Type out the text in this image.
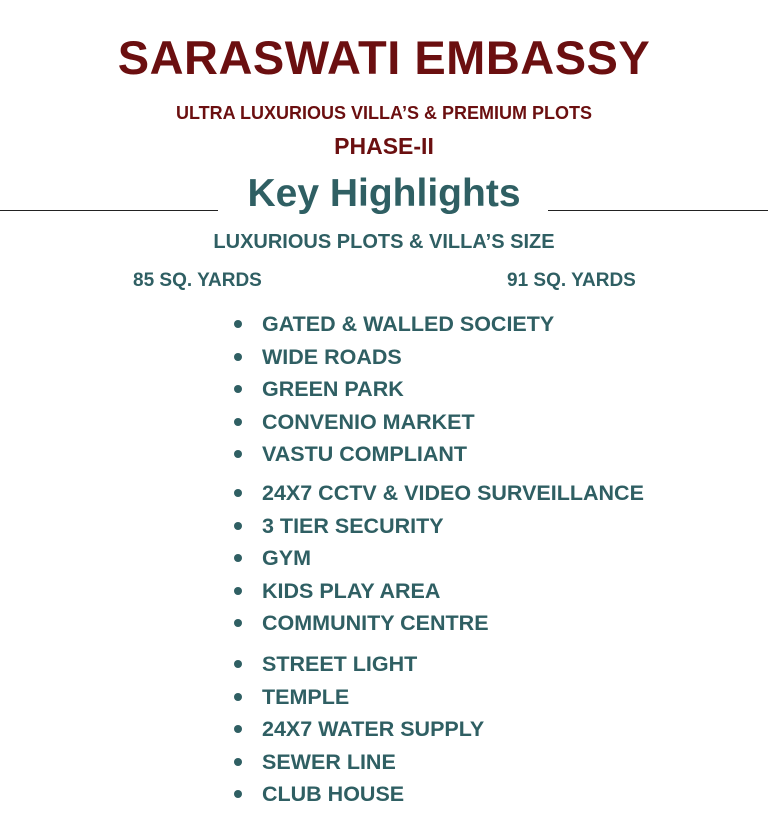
SARASWATI EMBASSY
ULTRA LUXURIOUS VILLA’S & PREMIUM PLOTS
PHASE-II
Key Highlights
LUXURIOUS PLOTS & VILLA’S SIZE
85 SQ. YARDS	91 SQ. YARDS
GATED & WALLED SOCIETY
WIDE ROADS
GREEN PARK
CONVENIO MARKET
VASTU COMPLIANT
24X7 CCTV & VIDEO SURVEILLANCE
3 TIER SECURITY
GYM
KIDS PLAY AREA
COMMUNITY CENTRE
STREET LIGHT
TEMPLE
24X7 WATER SUPPLY
SEWER LINE
CLUB HOUSE
